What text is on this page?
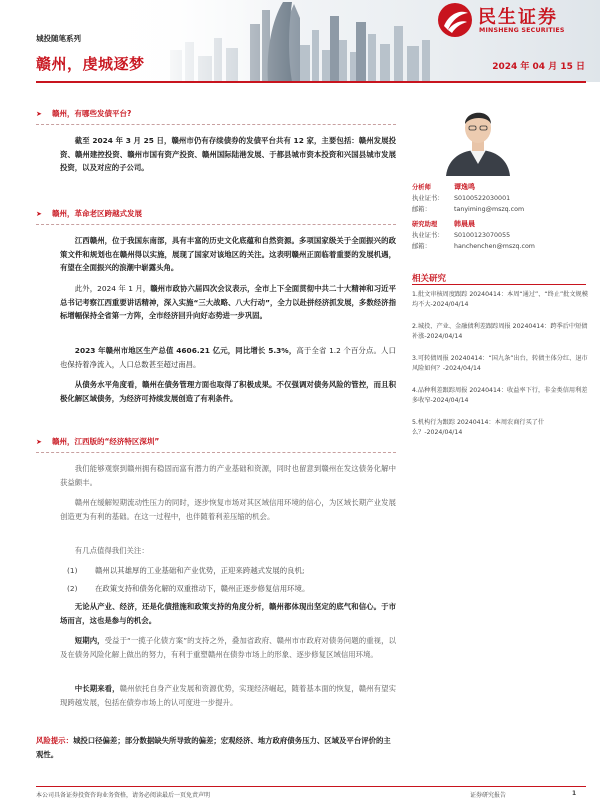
民生证券
MINSHENG SECURITIES
城投随笔系列
赣州，虔城逐梦	2024 年 04 月 15 日
➤ 赣州，有哪些发债平台?
截至 2024 年 3 月 25 日，赣州市仍有存续债券的发债平台共有 12 家，主要包括：赣州发展投资、赣州建控投资、赣州市国有资产投资、赣州国际陆港发展、于都县城市资本投资和兴国县城市发展投资，以及对应的子公司。
➤ 赣州，革命老区跨越式发展
江西赣州，位于我国东南部，具有丰富的历史文化底蕴和自然资源。多项国家级关于全面振兴的政策文件和规划也在赣州得以实施，展现了国家对该地区的关注。这表明赣州正面临着重要的发展机遇，有望在全面振兴的浪潮中崭露头角。
此外，2024 年 1 月，赣州市政协六届四次会议表示，全市上下全面贯彻中共二十大精神和习近平总书记考察江西重要讲话精神，深入实施“三大战略、八大行动”，全力以赴拼经济抓发展，多数经济指标增幅保持全省第一方阵，全市经济回升向好态势进一步巩固。
2023 年赣州市地区生产总值 4606.21 亿元，同比增长 5.3%，高于全省 1.2 个百分点。人口也保持着净流入，人口总数甚至超过南昌。
从债务水平角度看，赣州在债务管理方面也取得了积极成果。不仅强调对债务风险的管控，而且积极化解区域债务，为经济可持续发展创造了有利条件。
➤ 赣州，江西版的“经济特区深圳”
我们能够观察到赣州拥有稳固而富有潜力的产业基础和资源，同时也留意到赣州在发这债务化解中获益颇丰。
赣州在缓解短期流动性压力的同时，逐步恢复市场对其区域信用环境的信心，为区域长期产业发展创造更为有利的基础。在这一过程中，也伴随着利差压缩的机会。
有几点值得我们关注：
(1) 赣州以其雄厚的工业基础和产业优势，正迎来跨越式发展的良机;
(2) 在政策支持和债务化解的双重推动下，赣州正逐步修复信用环境。
无论从产业、经济，还是化债措施和政策支持的角度分析，赣州都体现出坚定的底气和信心。于市场而言，这也是参与的机会。
短期内，受益于“一揽子化债方案”的支持之外，叠加省政府、赣州市市政府对债务问题的重视，以及在债务风险化解上做出的努力，有利于重塑赣州在债券市场上的形象、逐步修复区域信用环境。
中长期来看，赣州依托自身产业发展和资源优势，实现经济崛起，随着基本面的恢复，赣州有望实现跨越发展，包括在债券市场上的认可度进一步提升。
风险提示：城投口径偏差；部分数据缺失所导致的偏差；宏观经济、地方政府债务压力、区域及平台评价的主观性。
分析师	谭逸鸣
执业证书： S0100522030001
邮箱：	tanyiming@mszq.com
研究助理 韩晨晨
执业证书： S0100123070055
邮箱：	hanchenchen@mszq.com
相关研究
1.批文审核周度跟踪 20240414：本周“通过”、“终止”批文规模均不大-2024/04/14
2.城投、产业、金融债利差跟踪周报 20240414：跨季后中短债补涨-2024/04/14
3.可转债周报 20240414：“国九条”出台，转债主体分红、退市风险如何？-2024/04/14
4.品种利差跟踪周报 20240414：收益率下行，非金类信用利差多收窄-2024/04/14
5.机构行为跟踪 20240414：本周农商行买了什么？-2024/04/14
本公司具备证券投资咨询业务资格，请务必阅读最后一页免责声明	证券研究报告	1
